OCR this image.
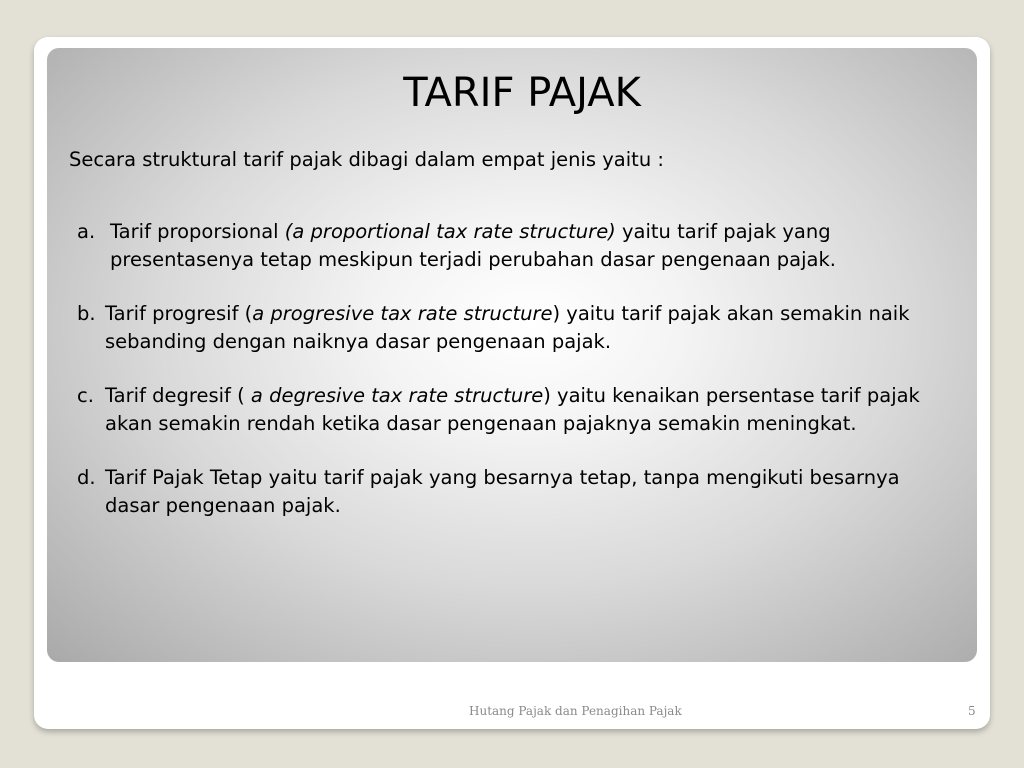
TARIF PAJAK
Secara struktural tarif pajak dibagi dalam empat jenis yaitu :
a. Tarif proporsional (a proportional tax rate structure) yaitu tarif pajak yang presentasenya tetap meskipun terjadi perubahan dasar pengenaan pajak.
b. Tarif progresif (a progresive tax rate structure) yaitu tarif pajak akan semakin naik sebanding dengan naiknya dasar pengenaan pajak.
c. Tarif degresif ( a degresive tax rate structure) yaitu kenaikan persentase tarif pajak akan semakin rendah ketika dasar pengenaan pajaknya semakin meningkat.
d. Tarif Pajak Tetap yaitu tarif pajak yang besarnya tetap, tanpa mengikuti besarnya dasar pengenaan pajak.
Hutang Pajak dan Penagihan Pajak	5
